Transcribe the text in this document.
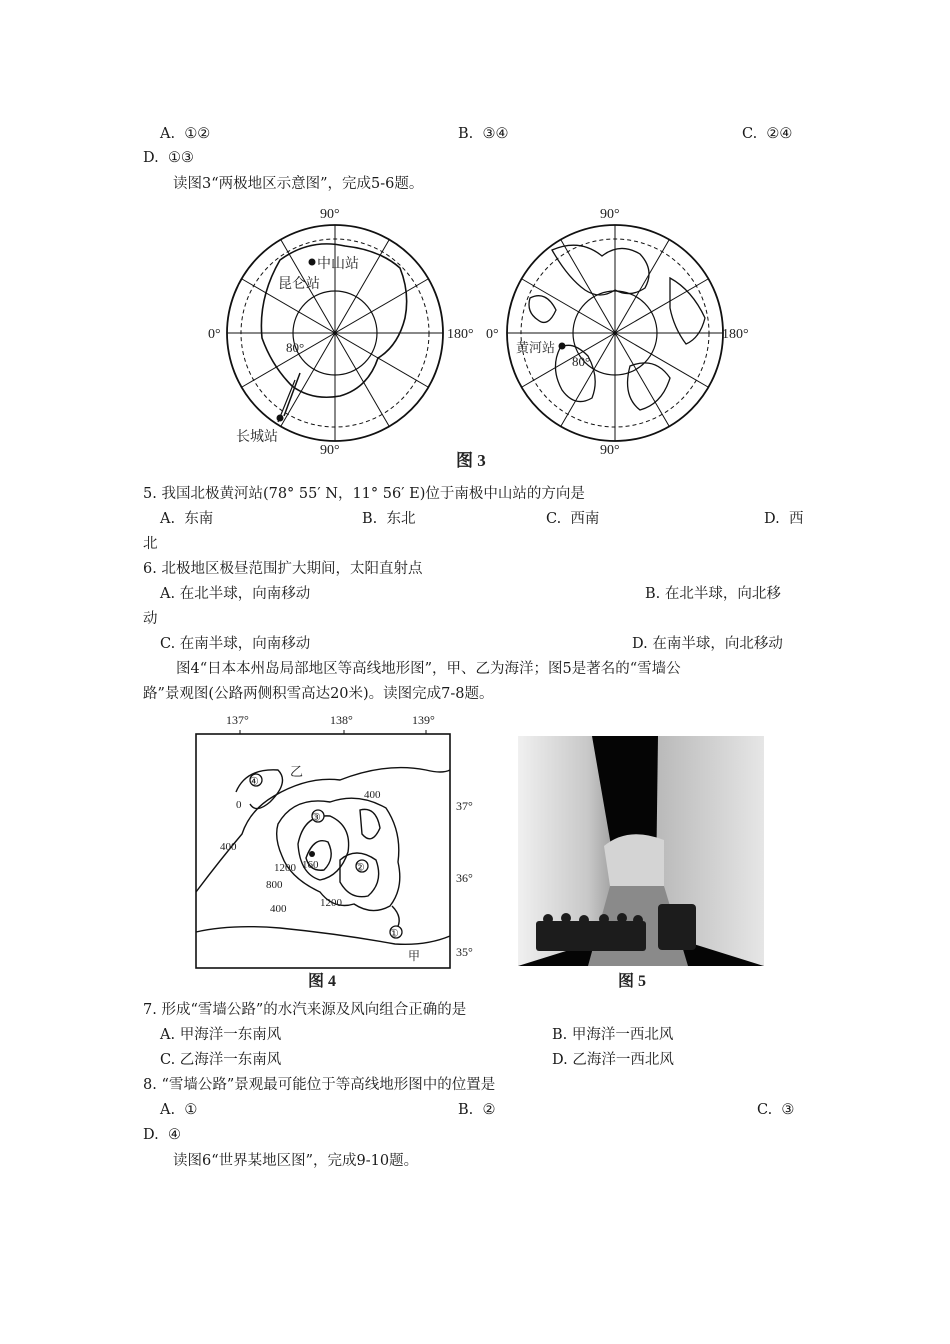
A. ①②	B. ③④	C. ②④
D. ①③
读图3“两极地区示意图”，完成5-6题。
90°
90°
0°	180°
80°
中山站
昆仑站
长城站
90°
90°
0°	180°
80°
黄河站
图 3
5. 我国北极黄河站(78° 55′ N，11° 56′ E)位于南极中山站的方向是
A. 东南	B. 东北	C. 西南	D. 西
北
6. 北极地区极昼范围扩大期间，太阳直射点
A. 在北半球，向南移动	B. 在北半球，向北移
动
C. 在南半球，向南移动	D. 在南半球，向北移动
图4“日本本州岛局部地区等高线地形图”，甲、乙为海洋；图5是著名的“雪墙公
路”景观图(公路两侧积雪高达20米)。读图完成7-8题。
137°	138°	139°
37°
36°
35°
④
③
②
①
乙
甲
0
400
400
400
800
1200
1200
160
图 4	图 5
7. 形成“雪墙公路”的水汽来源及风向组合正确的是
A. 甲海洋一东南风	B. 甲海洋一西北风
C. 乙海洋一东南风	D. 乙海洋一西北风
8. “雪墙公路”景观最可能位于等高线地形图中的位置是
A. ①	B. ②	C. ③
D. ④
读图6“世界某地区图”，完成9-10题。
